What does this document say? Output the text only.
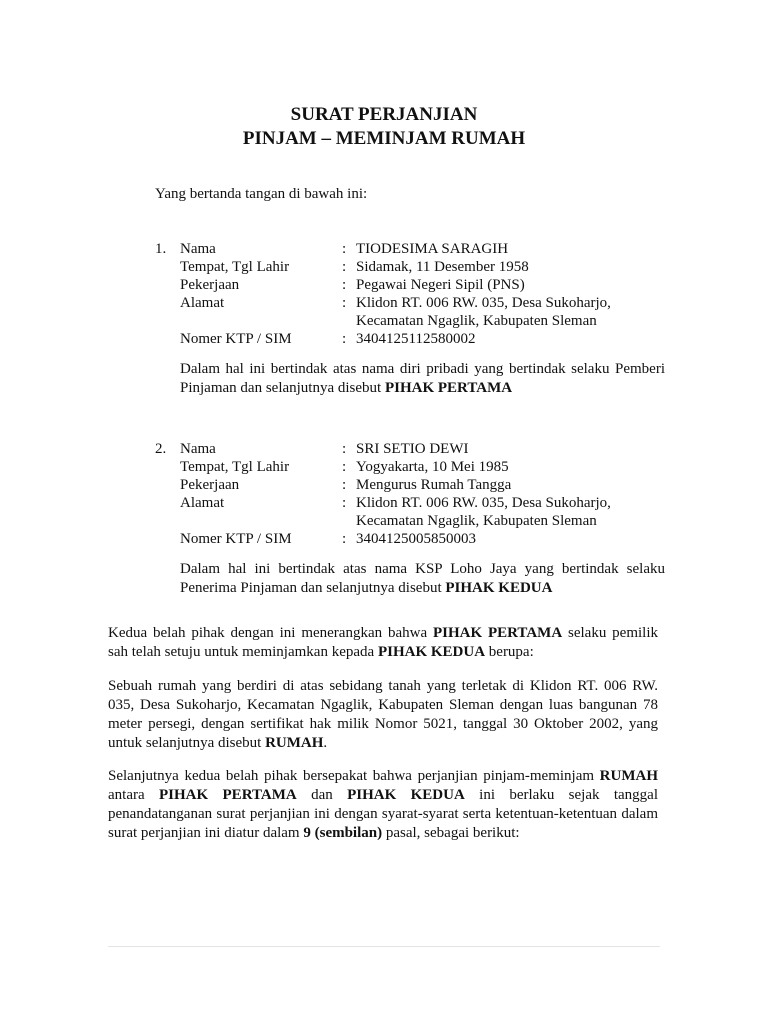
SURAT PERJANJIAN
PINJAM – MEMINJAM RUMAH
Yang bertanda tangan di bawah ini:
1. Nama	: TIODESIMA SARAGIH
Tempat, Tgl Lahir	: Sidamak, 11 Desember 1958
Pekerjaan	: Pegawai Negeri Sipil (PNS)
Alamat	: Klidon RT. 006 RW. 035, Desa Sukoharjo,
Kecamatan Ngaglik, Kabupaten Sleman
Nomer KTP / SIM	: 3404125112580002
Dalam hal ini bertindak atas nama diri pribadi yang bertindak selaku Pemberi Pinjaman dan selanjutnya disebut PIHAK PERTAMA
2. Nama	: SRI SETIO DEWI
Tempat, Tgl Lahir	: Yogyakarta, 10 Mei 1985
Pekerjaan	: Mengurus Rumah Tangga
Alamat	: Klidon RT. 006 RW. 035, Desa Sukoharjo,
Kecamatan Ngaglik, Kabupaten Sleman
Nomer KTP / SIM	: 3404125005850003
Dalam hal ini bertindak atas nama KSP Loho Jaya yang bertindak selaku Penerima Pinjaman dan selanjutnya disebut PIHAK KEDUA
Kedua belah pihak dengan ini menerangkan bahwa PIHAK PERTAMA selaku pemilik sah telah setuju untuk meminjamkan kepada PIHAK KEDUA berupa:
Sebuah rumah yang berdiri di atas sebidang tanah yang terletak di Klidon RT. 006 RW. 035, Desa Sukoharjo, Kecamatan Ngaglik, Kabupaten Sleman dengan luas bangunan 78 meter persegi, dengan sertifikat hak milik Nomor 5021, tanggal 30 Oktober 2002, yang untuk selanjutnya disebut RUMAH.
Selanjutnya kedua belah pihak bersepakat bahwa perjanjian pinjam-meminjam RUMAH antara PIHAK PERTAMA dan PIHAK KEDUA ini berlaku sejak tanggal penandatanganan surat perjanjian ini dengan syarat-syarat serta ketentuan-ketentuan dalam surat perjanjian ini diatur dalam 9 (sembilan) pasal, sebagai berikut:
